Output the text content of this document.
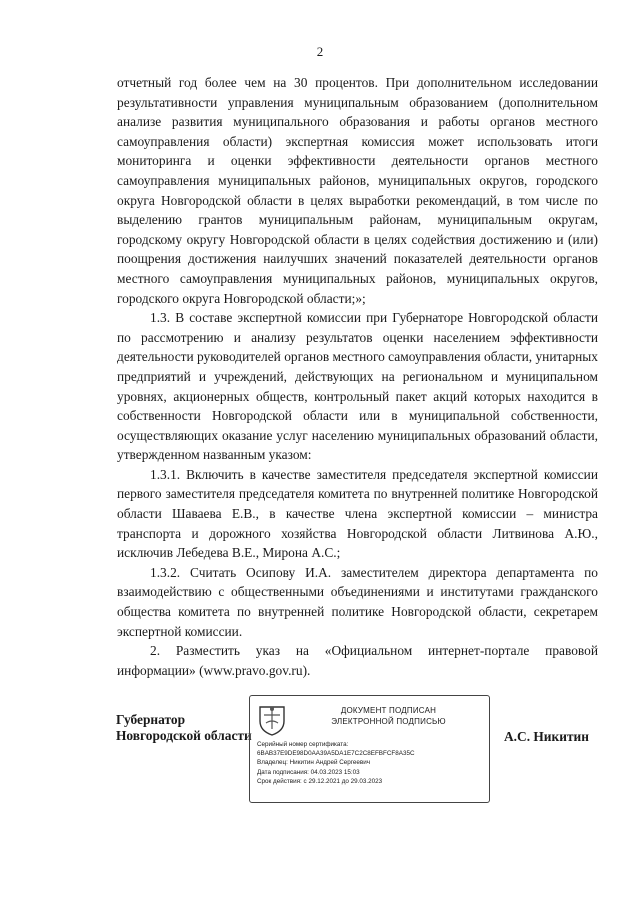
2

отчетный год более чем на 30 процентов. При дополнительном исследовании результативности управления муниципальным образованием (дополнительном анализе развития муниципального образования и работы органов местного самоуправления области) экспертная комиссия может использовать итоги мониторинга и оценки эффективности деятельности органов местного самоуправления муниципальных районов, муниципальных округов, городского округа Новгородской области в целях выработки рекомендаций, в том числе по выделению грантов муниципальным районам, муниципальным округам, городскому округу Новгородской области в целях содействия достижению и (или) поощрения достижения наилучших значений показателей деятельности органов местного самоуправления муниципальных районов, муниципальных округов, городского округа Новгородской области;»;

1.3. В составе экспертной комиссии при Губернаторе Новгородской области по рассмотрению и анализу результатов оценки населением эффективности деятельности руководителей органов местного самоуправления области, унитарных предприятий и учреждений, действующих на региональном и муниципальном уровнях, акционерных обществ, контрольный пакет акций которых находится в собственности Новгородской области или в муниципальной собственности, осуществляющих оказание услуг населению муниципальных образований области, утвержденном названным указом:

1.3.1. Включить в качестве заместителя председателя экспертной комиссии первого заместителя председателя комитета по внутренней политике Новгородской области Шаваева Е.В., в качестве члена экспертной комиссии – министра транспорта и дорожного хозяйства Новгородской области Литвинова А.Ю., исключив Лебедева В.Е., Мирона А.С.;

1.3.2. Считать Осипову И.А. заместителем директора департамента по взаимодействию с общественными объединениями и институтами гражданского общества комитета по внутренней политике Новгородской области, секретарем экспертной комиссии.

2. Разместить указ на «Официальном интернет-портале правовой информации» (www.pravo.gov.ru).

Губернатор
Новгородской области
ДОКУМЕНТ ПОДПИСАН
ЭЛЕКТРОННОЙ ПОДПИСЬЮ
Серийный номер сертификата:
6BAB37E9DE98D0AA39A5DA1E7C2C8EFBFCF8A35C
Владелец: Никитин Андрей Сергеевич
Дата подписания: 04.03.2023 15:03
Срок действия: с 29.12.2021 до 29.03.2023
А.С. Никитин
